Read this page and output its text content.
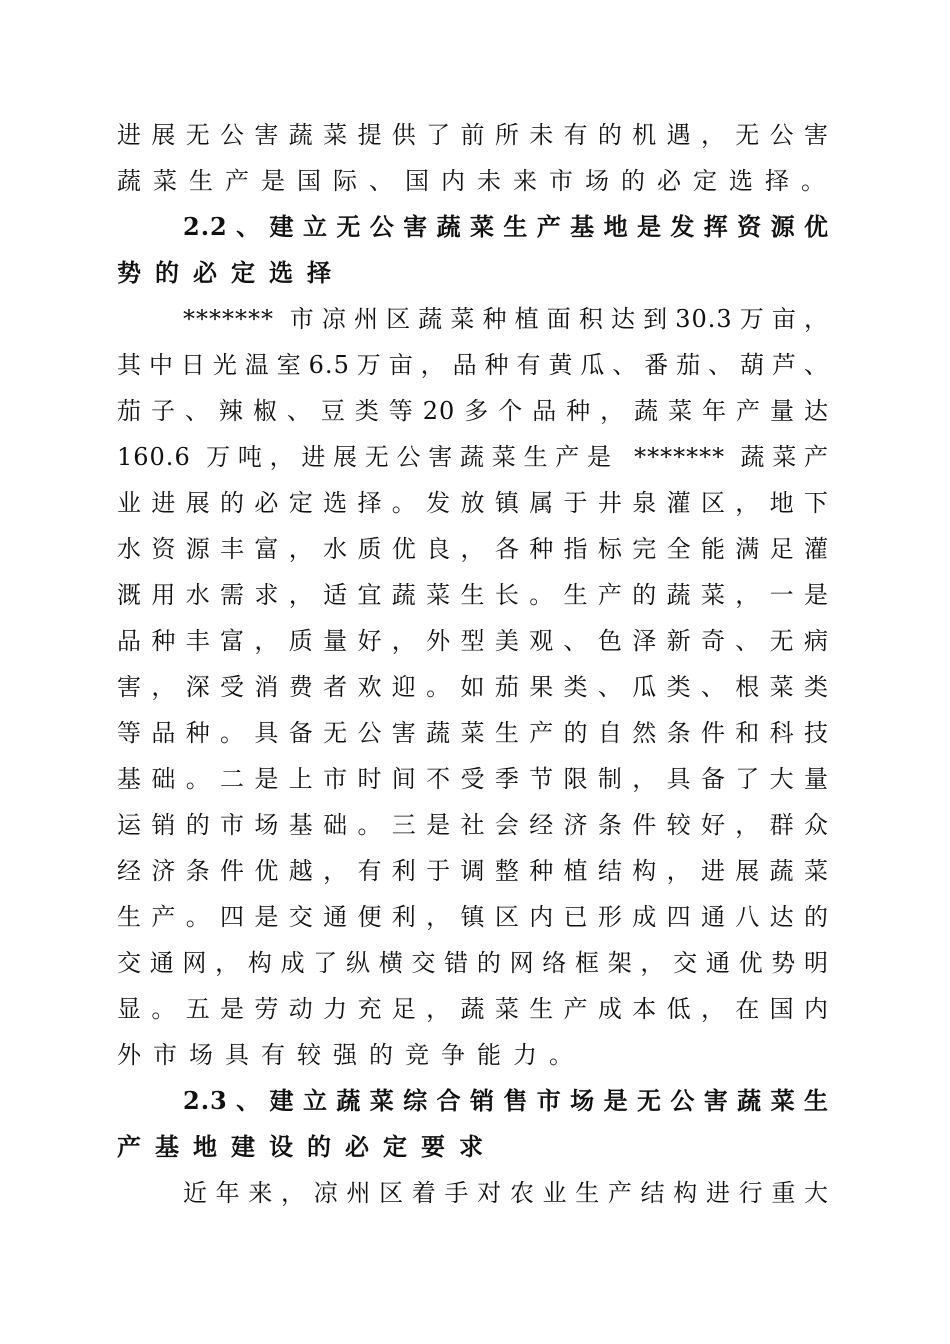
进展无公害蔬菜提供了前所未有的机遇，无公害
蔬菜生产是国际、国内未来市场的必定选择。
2.2、建立无公害蔬菜生产基地是发挥资源优
势的必定选择
******* 市凉州区蔬菜种植面积达到30.3万亩，
其中日光温室6.5万亩，品种有黄瓜、番茄、葫芦、
茄子、辣椒、豆类等20多个品种，蔬菜年产量达
160.6 万吨，进展无公害蔬菜生产是 ******* 蔬菜产
业进展的必定选择。发放镇属于井泉灌区，地下
水资源丰富，水质优良，各种指标完全能满足灌
溉用水需求，适宜蔬菜生长。生产的蔬菜，一是
品种丰富，质量好，外型美观、色泽新奇、无病
害，深受消费者欢迎。如茄果类、瓜类、根菜类
等品种。具备无公害蔬菜生产的自然条件和科技
基础。二是上市时间不受季节限制，具备了大量
运销的市场基础。三是社会经济条件较好，群众
经济条件优越，有利于调整种植结构，进展蔬菜
生产。四是交通便利，镇区内已形成四通八达的
交通网，构成了纵横交错的网络框架，交通优势明
显。五是劳动力充足，蔬菜生产成本低，在国内
外市场具有较强的竞争能力。
2.3、建立蔬菜综合销售市场是无公害蔬菜生
产基地建设的必定要求
近年来，凉州区着手对农业生产结构进行重大
